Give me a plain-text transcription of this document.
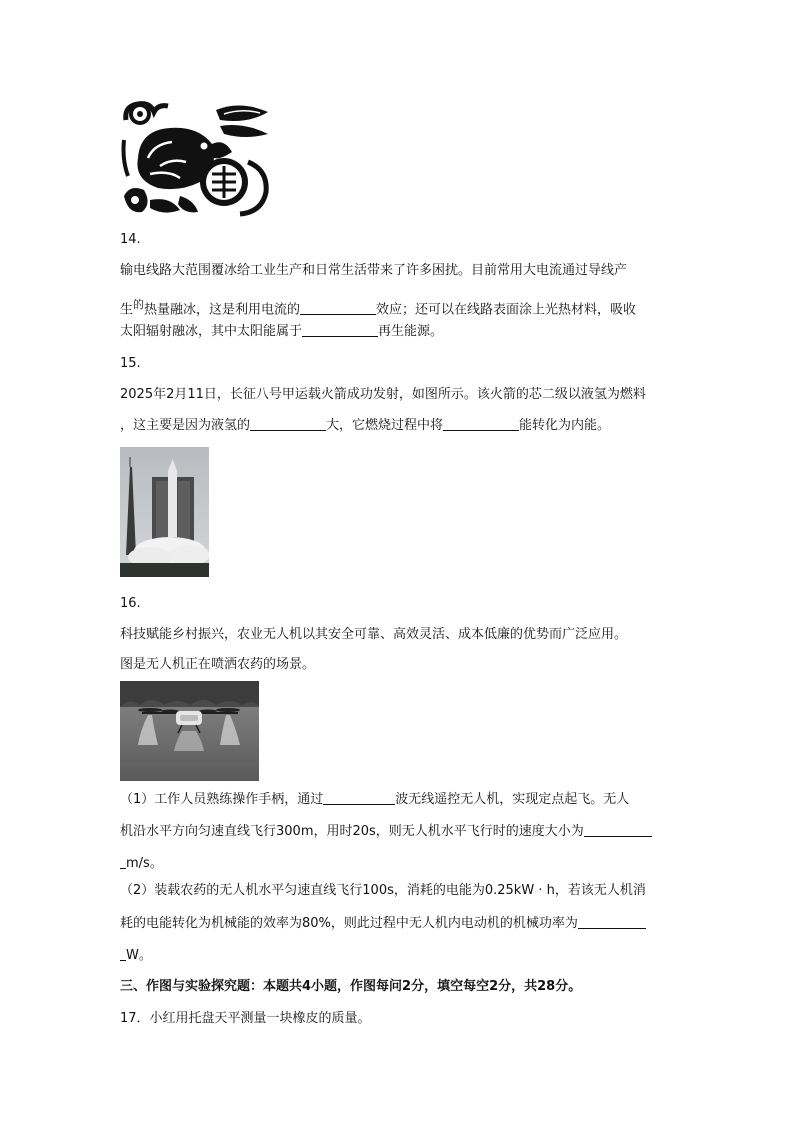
14.
输电线路大范围覆冰给工业生产和日常生活带来了许多困扰。目前常用大电流通过导线产
生$^的$热量融冰，这是利用电流的	效应；还可以在线路表面涂上光热材料，吸收
太阳辐射融冰，其中太阳能属于	再生能源。
15.
2025年2月11日，长征八号甲运载火箭成功发射，如图所示。该火箭的芯二级以液氢为燃料
，这主要是因为液氢的	大，它燃烧过程中将	能转化为内能。
16.
科技赋能乡村振兴，农业无人机以其安全可靠、高效灵活、成本低廉的优势而广泛应用。
图是无人机正在喷洒农药的场景。
（1）工作人员熟练操作手柄，通过	波无线遥控无人机，实现定点起飞。无人
机沿水平方向匀速直线飞行300m，用时20s，则无人机水平飞行时的速度大小为
m/s。
（2）装载农药的无人机水平匀速直线飞行100s，消耗的电能为0.25kW · h，若该无人机消
耗的电能转化为机械能的效率为80%，则此过程中无人机内电动机的机械功率为
W。
三、作图与实验探究题：本题共4小题，作图每问2分，填空每空2分，共28分。
17．小红用托盘天平测量一块橡皮的质量。
